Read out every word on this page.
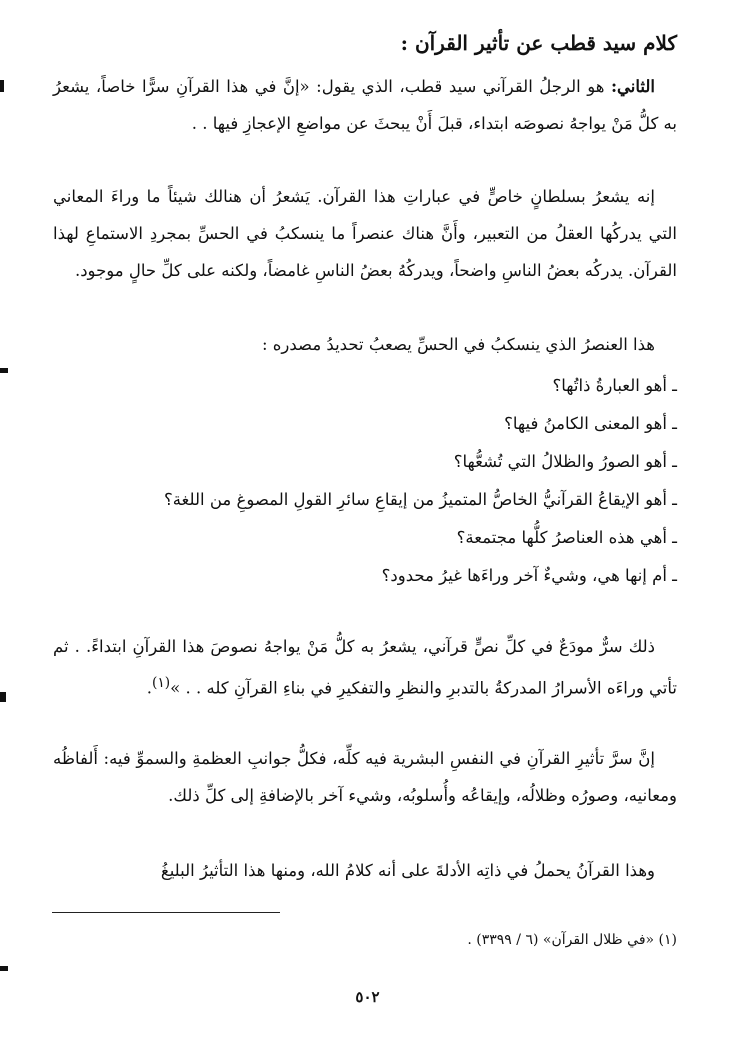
كلام سيد قطب عن تأثير القرآن :
الثاني: هو الرجلُ القرآني سيد قطب، الذي يقول: «إنَّ في هذا القرآنِ سرًّا خاصاً، يشعرُ به كلُّ مَنْ يواجهُ نصوصَه ابتداء، قبلَ أَنْ يبحثَ عن مواضعِ الإعجازِ فيها . .
إنه يشعرُ بسلطانٍ خاصٍّ في عباراتِ هذا القرآن. يَشعرُ أن هنالك شيئاً ما وراءَ المعاني التي يدركُها العقلُ من التعبير، وأَنَّ هناك عنصراً ما ينسكبُ في الحسِّ بمجردِ الاستماعِ لهذا القرآن. يدركُه بعضُ الناسِ واضحاً، ويدركُهُ بعضُ الناسِ غامضاً، ولكنه على كلِّ حالٍ موجود.
هذا العنصرُ الذي ينسكبُ في الحسِّ يصعبُ تحديدُ مصدره :
ـ أهو العبارةُ ذاتُها؟
ـ أهو المعنى الكامنُ فيها؟
ـ أهو الصورُ والظلالُ التي تُشعُّها؟
ـ أهو الإيقاعُ القرآنيُّ الخاصُّ المتميزُ من إيقاعِ سائرِ القولِ المصوغِ من اللغة؟
ـ أهي هذه العناصرُ كلُّها مجتمعة؟
ـ أم إنها هي، وشيءٌ آخر وراءَها غيرُ محدود؟
ذلك سرٌّ مودَعٌ في كلِّ نصٍّ قرآني، يشعرُ به كلُّ مَنْ يواجهُ نصوصَ هذا القرآنِ ابتداءً. . ثم تأتي وراءَه الأسرارُ المدركةُ بالتدبرِ والنظرِ والتفكيرِ في بناءِ القرآنِ كله . . »$^{(١)}$.
إنَّ سرَّ تأثيرِ القرآنِ في النفسِ البشرية فيه كلِّه، فكلُّ جوانبِ العظمةِ والسموِّ فيه: أَلفاظُه ومعانيه، وصورُه وظلالُه، وإيقاعُه وأُسلوبُه، وشيء آخر بالإضافةِ إلى كلِّ ذلك.
وهذا القرآنُ يحملُ في ذاتِه الأدلةَ على أنه كلامُ الله، ومنها هذا التأثيرُ البليغُ
(١) «في ظلال القرآن» (٦ / ٣٣٩٩) .
٥٠٢
